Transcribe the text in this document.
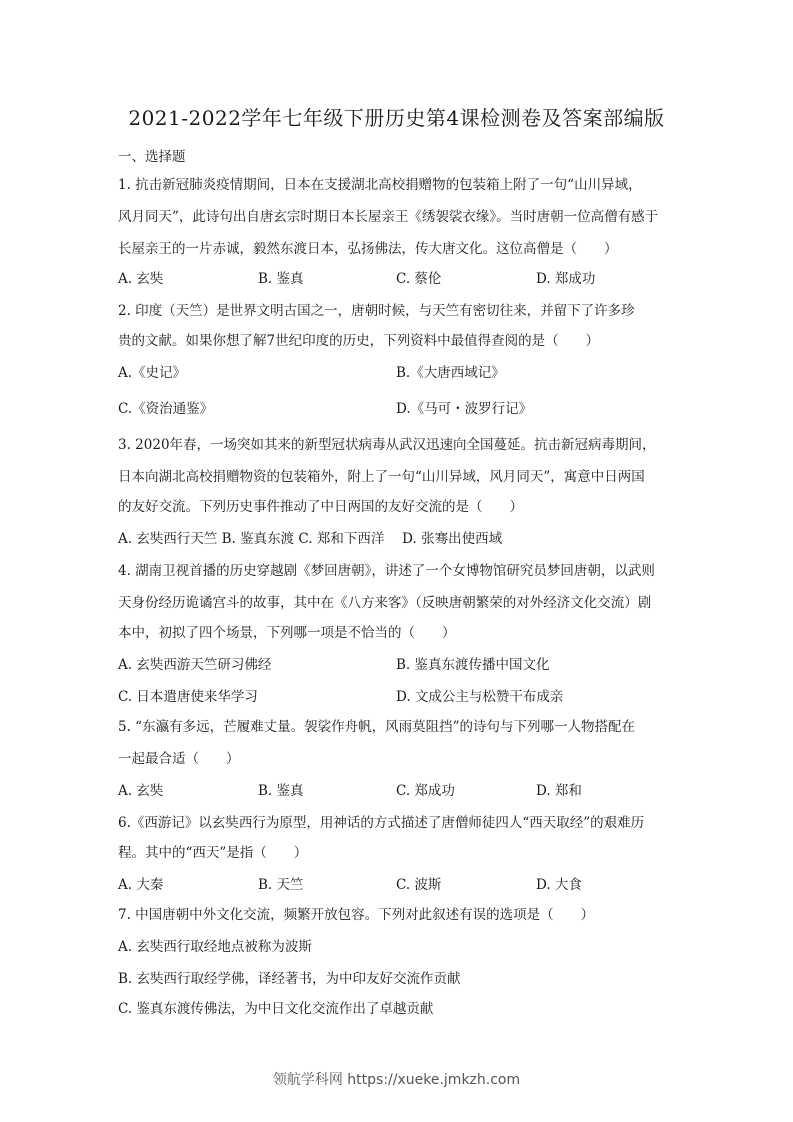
2021-2022学年七年级下册历史第4课检测卷及答案部编版
一、选择题
1. 抗击新冠肺炎疫情期间，日本在支援湖北高校捐赠物的包装箱上附了一句“山川异域，
风月同天”，此诗句出自唐玄宗时期日本长屋亲王《绣袈裟衣缘》。当时唐朝一位高僧有感于
长屋亲王的一片赤诚，毅然东渡日本，弘扬佛法，传大唐文化。这位高僧是（　　）
A. 玄奘	B. 鉴真	C. 蔡伦	D. 郑成功
2. 印度（天竺）是世界文明古国之一，唐朝时候，与天竺有密切往来，并留下了许多珍
贵的文献。如果你想了解7世纪印度的历史，下列资料中最值得查阅的是（　　）
A.《史记》	B.《大唐西域记》
C.《资治通鉴》	D.《马可・波罗行记》
3. 2020年春，一场突如其来的新型冠状病毒从武汉迅速向全国蔓延。抗击新冠病毒期间，
日本向湖北高校捐赠物资的包装箱外，附上了一句“山川异域，风月同天”，寓意中日两国
的友好交流。下列历史事件推动了中日两国的友好交流的是（　　）
A. 玄奘西行天竺 B. 鉴真东渡 C. 郑和下西洋　 D. 张骞出使西域
4. 湖南卫视首播的历史穿越剧《梦回唐朝》，讲述了一个女博物馆研究员梦回唐朝，以武则
天身份经历诡谲宫斗的故事，其中在《八方来客》（反映唐朝繁荣的对外经济文化交流）剧
本中，初拟了四个场景，下列哪一项是不恰当的（　　）
A. 玄奘西游天竺研习佛经	B. 鉴真东渡传播中国文化
C. 日本遣唐使来华学习	D. 文成公主与松赞干布成亲
5. “东瀛有多远，芒履难丈量。袈裟作舟帆，风雨莫阻挡”的诗句与下列哪一人物搭配在
一起最合适（　　）
A. 玄奘	B. 鉴真	C. 郑成功	D. 郑和
6.《西游记》以玄奘西行为原型，用神话的方式描述了唐僧师徒四人“西天取经”的艰难历
程。其中的“西天”是指（　　）
A. 大秦	B. 天竺	C. 波斯	D. 大食
7. 中国唐朝中外文化交流，频繁开放包容。下列对此叙述有误的选项是（　　）
A. 玄奘西行取经地点被称为波斯
B. 玄奘西行取经学佛，译经著书，为中印友好交流作贡献
C. 鉴真东渡传佛法，为中日文化交流作出了卓越贡献
领航学科网 https://xueke.jmkzh.com
